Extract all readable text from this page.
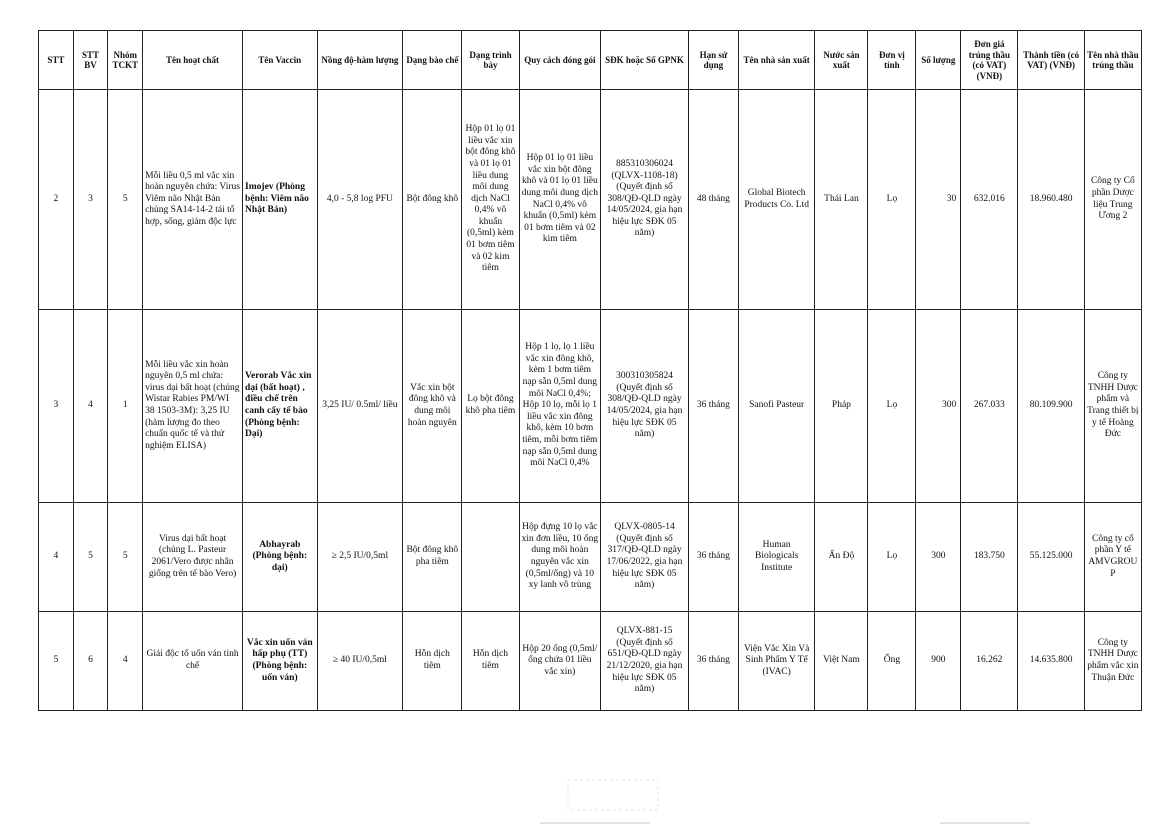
STT	STT BV	Nhóm TCKT	Tên hoạt chất	Tên Vaccin	Nồng độ-hàm lượng	Dạng bào chế	Dạng trình bày	Quy cách đóng gói	SĐK hoặc Số GPNK	Hạn sử dụng	Tên nhà sản xuất	Nước sản xuất	Đơn vị tính	Số lượng	Đơn giá trúng thầu (có VAT) (VNĐ)	Thành tiền (có VAT) (VNĐ)	Tên nhà thầu trúng thầu
2	3	5	Mỗi liều 0,5 ml vắc xin hoàn nguyên chứa: Virus Viêm não Nhật Bản chủng SA14-14-2 tái tổ hợp, sống, giảm độc lực	Imojev (Phòng bệnh: Viêm não Nhật Bản)	4,0 - 5,8 log PFU	Bột đông khô	Hộp 01 lọ 01 liều vắc xin bột đông khô và 01 lọ 01 liều dung môi dung dịch NaCl 0,4% vô khuẩn (0,5ml) kèm 01 bơm tiêm và 02 kim tiêm	Hộp 01 lọ 01 liều vắc xin bột đông khô và 01 lọ 01 liều dung môi dung dịch NaCl 0,4% vô khuẩn (0,5ml) kèm 01 bơm tiêm và 02 kim tiêm	885310306024 (QLVX-1108-18) (Quyết định số 308/QĐ-QLD ngày 14/05/2024, gia hạn hiệu lực SĐK 05 năm)	48 tháng	Global Biotech Products Co. Ltd	Thái Lan	Lọ	30	632.016	18.960.480	Công ty Cổ phần Dược liệu Trung Ương 2
3	4	1	Mỗi liều vắc xin hoàn nguyên 0,5 ml chứa: virus dại bất hoạt (chủng Wistar Rabies PM/WI 38 1503-3M): 3,25 IU (hàm lượng đo theo chuẩn quốc tế và thử nghiệm ELISA)	Verorab Vắc xin dại (bất hoạt) , điều chế trên canh cấy tế bào (Phòng bệnh: Dại)	3,25 IU/ 0.5ml/ liều	Vắc xin bột đông khô và dung môi hoàn nguyên	Lọ bột đông khô pha tiêm	Hộp 1 lọ, lọ 1 liều vắc xin đông khô, kèm 1 bơm tiêm nạp sẵn 0,5ml dung môi NaCl 0,4%; Hộp 10 lọ, mỗi lọ 1 liều vắc xin đông khô, kèm 10 bơm tiêm, mỗi bơm tiêm nạp sẵn 0,5ml dung môi NaCl 0,4%	300310305824 (Quyết định số 308/QĐ-QLD ngày 14/05/2024, gia hạn hiệu lực SĐK 05 năm)	36 tháng	Sanofi Pasteur	Pháp	Lọ	300	267.033	80.109.900	Công ty TNHH Dược phẩm và Trang thiết bị y tế Hoàng Đức
4	5	5	Virus dại bất hoạt (chủng L. Pasteur 2061/Vero được nhân giống trên tế bào Vero)	Abhayrab (Phòng bệnh: dại)	≥ 2,5 IU/0,5ml	Bột đông khô pha tiêm		Hộp đựng 10 lọ vắc xin đơn liều, 10 ống dung môi hoàn nguyên vắc xin (0,5ml/ống) và 10 xy lanh vô trùng	QLVX-0805-14 (Quyết định số 317/QĐ-QLD ngày 17/06/2022, gia hạn hiệu lực SĐK 05 năm)	36 tháng	Human Biologicals Institute	Ấn Độ	Lọ	300	183.750	55.125.000	Công ty cổ phần Y tế AMVGROUP
5	6	4	Giải độc tố uốn ván tinh chế	Vắc xin uốn ván hấp phụ (TT) (Phòng bệnh: uốn ván)	≥ 40 IU/0,5ml	Hỗn dịch tiêm	Hỗn dịch tiêm	Hộp 20 ống (0,5ml/ống chứa 01 liều vắc xin)	QLVX-881-15 (Quyết định số 651/QĐ-QLD ngày 21/12/2020, gia hạn hiệu lực SĐK 05 năm)	36 tháng	Viện Vắc Xin Và Sinh Phẩm Y Tế (IVAC)	Việt Nam	Ống	900	16.262	14.635.800	Công ty TNHH Dược phẩm vắc xin Thuận Đức
